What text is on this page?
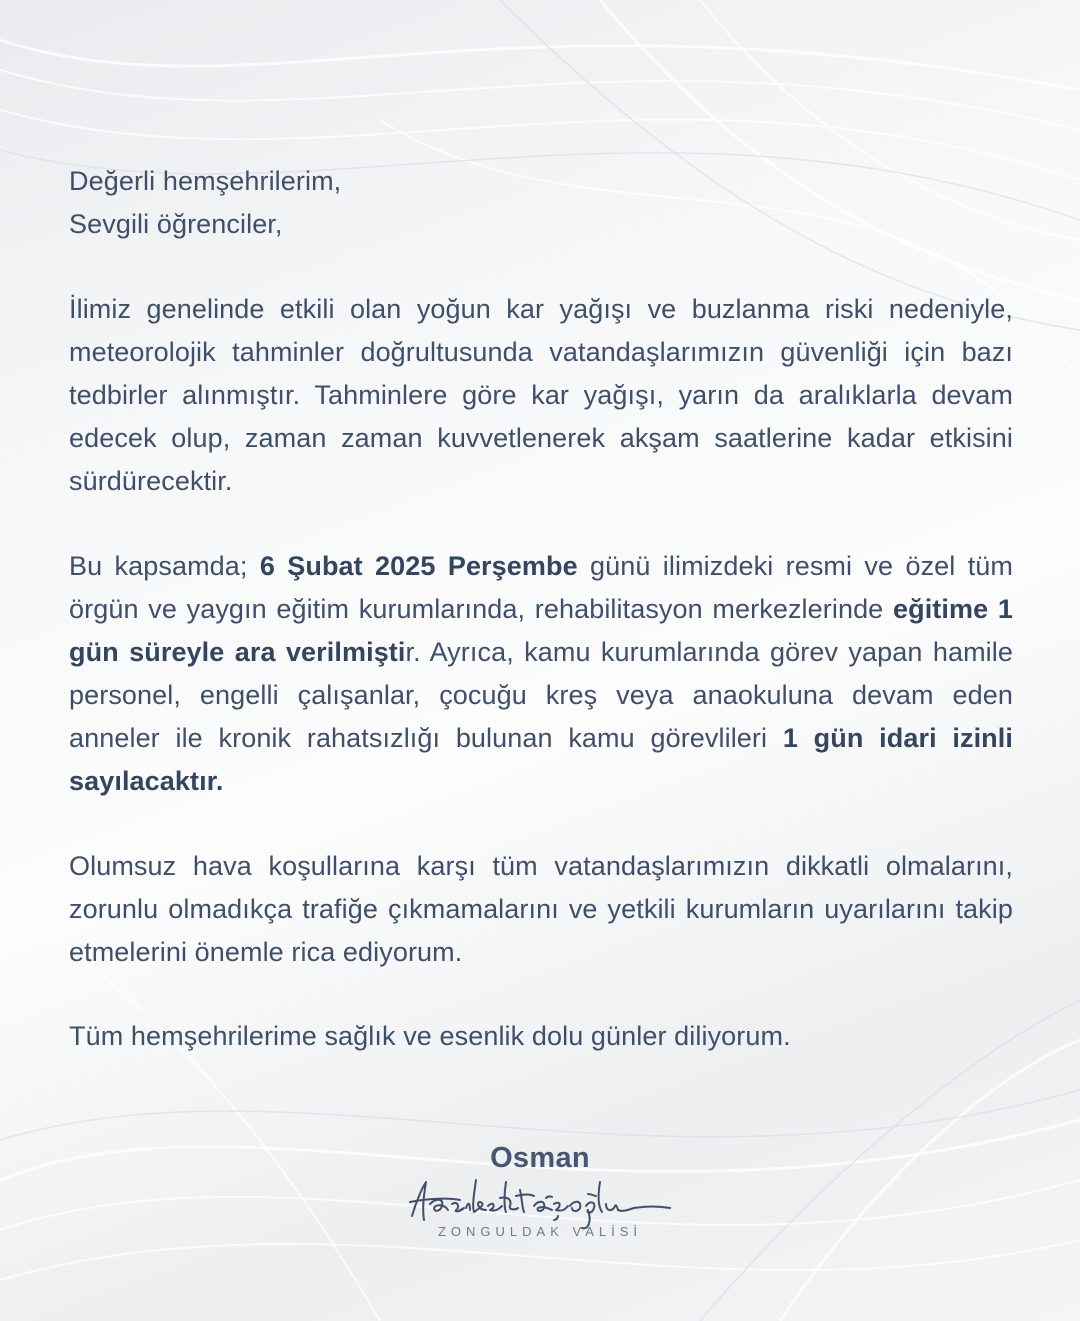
Değerli hemşehrilerim,

Sevgili öğrenciler,

İlimiz genelinde etkili olan yoğun kar yağışı ve buzlanma riski nedeniyle, meteorolojik tahminler doğrultusunda vatandaşlarımızın güvenliği için bazı tedbirler alınmıştır. Tahminlere göre kar yağışı, yarın da aralıklarla devam edecek olup, zaman zaman kuvvetlenerek akşam saatlerine kadar etkisini sürdürecektir.

Bu kapsamda; 6 Şubat 2025 Perşembe günü ilimizdeki resmi ve özel tüm örgün ve yaygın eğitim kurumlarında, rehabilitasyon merkezlerinde eğitime 1 gün süreyle ara verilmiştir. Ayrıca, kamu kurumlarında görev yapan hamile personel, engelli çalışanlar, çocuğu kreş veya anaokuluna devam eden anneler ile kronik rahatsızlığı bulunan kamu görevlileri 1 gün idari izinli sayılacaktır.

Olumsuz hava koşullarına karşı tüm vatandaşlarımızın dikkatli olmalarını, zorunlu olmadıkça trafiğe çıkmamalarını ve yetkili kurumların uyarılarını takip etmelerini önemle rica ediyorum.

Tüm hemşehrilerime sağlık ve esenlik dolu günler diliyorum.

Osman
ZONGULDAK VALİSİ
